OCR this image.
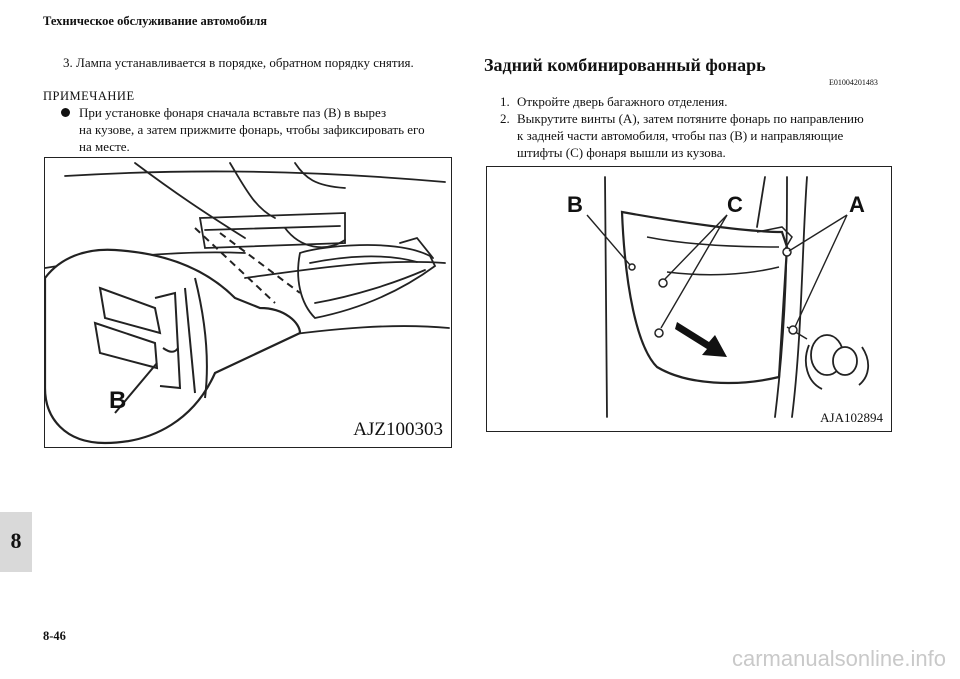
Техническое обслуживание автомобиля
3. Лампа устанавливается в порядке, обратном порядку снятия.
ПРИМЕЧАНИЕ
При установке фонаря сначала вставьте паз (B) в вырез
на кузове, а затем прижмите фонарь, чтобы зафиксировать его
на месте.
B
AJZ100303
Задний комбинированный фонарь
E01004201483
1. Откройте дверь багажного отделения.
2. Выкрутите винты (A), затем потяните фонарь по направлению
к задней части автомобиля, чтобы паз (B) и направляющие
штифты (C) фонаря вышли из кузова.
B	C	A
AJA102894
8
8-46
carmanualsonline.info
